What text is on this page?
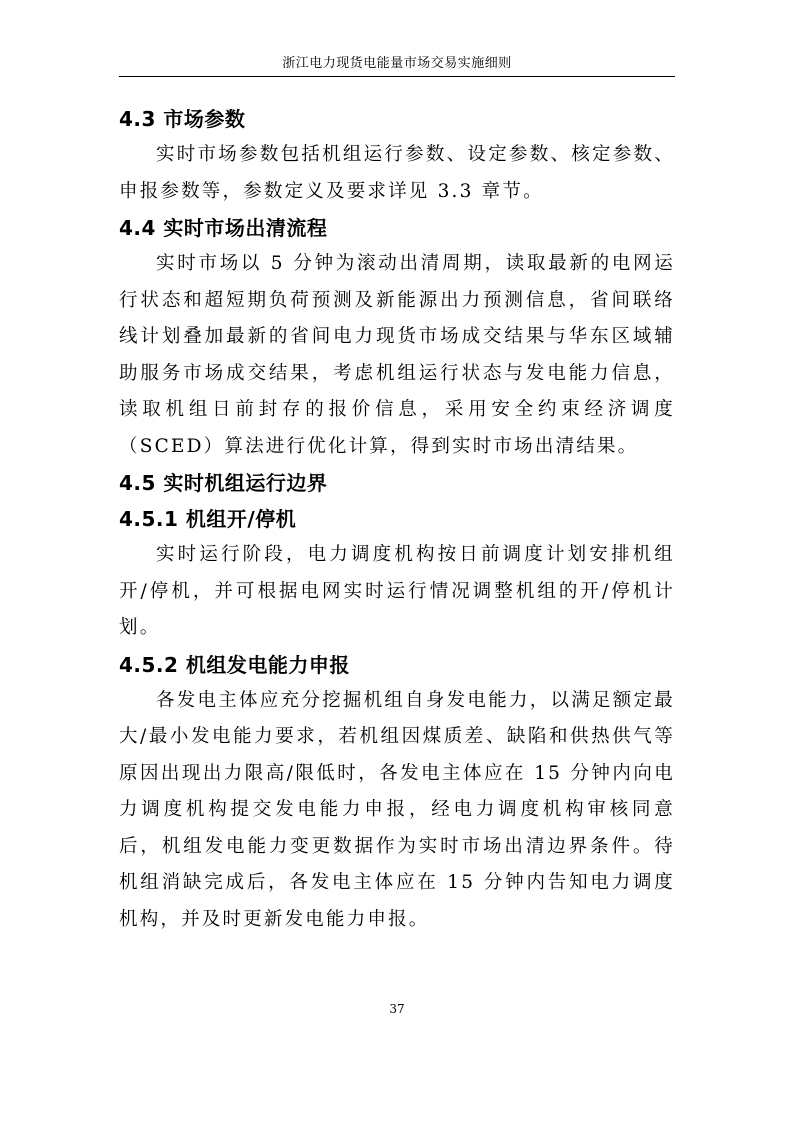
浙江电力现货电能量市场交易实施细则
4.3 市场参数

实时市场参数包括机组运行参数、设定参数、核定参数、申报参数等，参数定义及要求详见 3.3 章节。

4.4 实时市场出清流程

实时市场以 5 分钟为滚动出清周期，读取最新的电网运行状态和超短期负荷预测及新能源出力预测信息，省间联络线计划叠加最新的省间电力现货市场成交结果与华东区域辅助服务市场成交结果，考虑机组运行状态与发电能力信息，读取机组日前封存的报价信息，采用安全约束经济调度（SCED）算法进行优化计算，得到实时市场出清结果。

4.5 实时机组运行边界
4.5.1 机组开/停机

实时运行阶段，电力调度机构按日前调度计划安排机组开/停机，并可根据电网实时运行情况调整机组的开/停机计划。

4.5.2 机组发电能力申报

各发电主体应充分挖掘机组自身发电能力，以满足额定最大/最小发电能力要求，若机组因煤质差、缺陷和供热供气等原因出现出力限高/限低时，各发电主体应在 15 分钟内向电力调度机构提交发电能力申报，经电力调度机构审核同意后，机组发电能力变更数据作为实时市场出清边界条件。待机组消缺完成后，各发电主体应在 15 分钟内告知电力调度机构，并及时更新发电能力申报。

37
